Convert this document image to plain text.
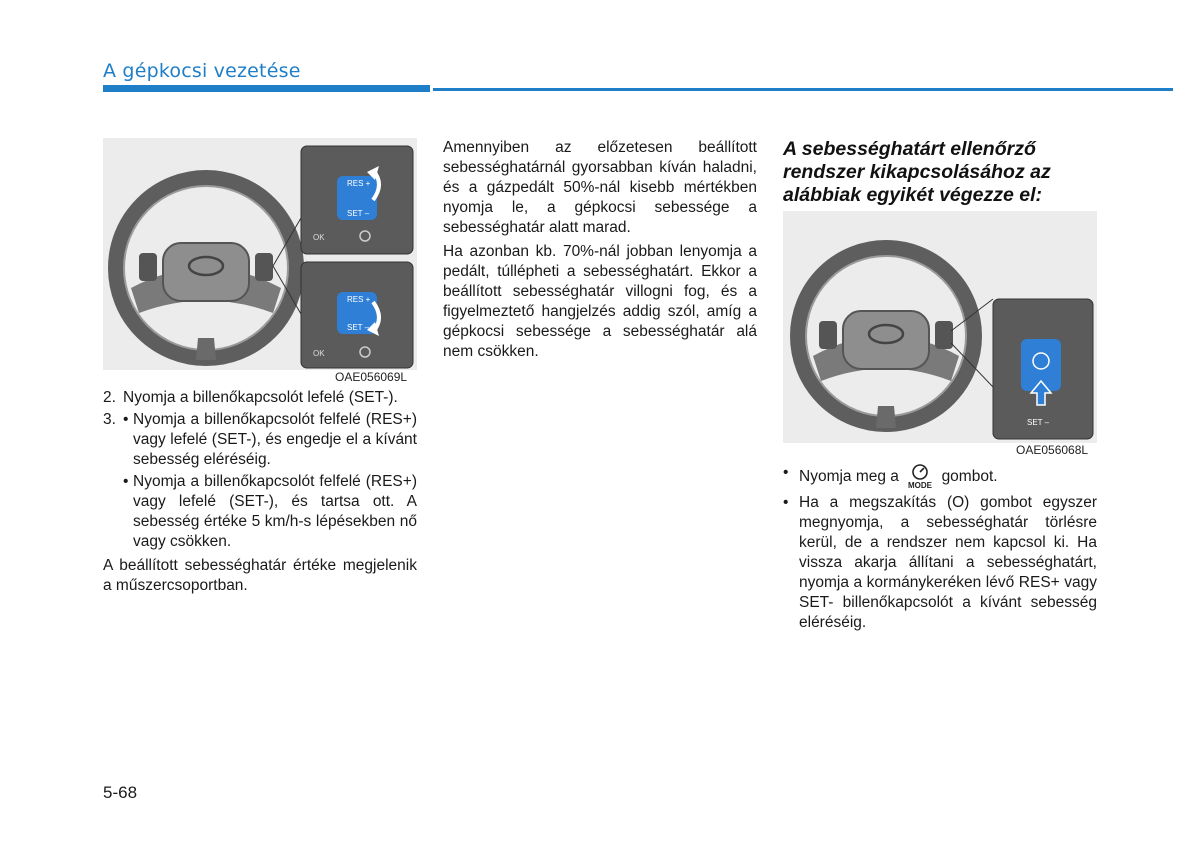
A gépkocsi vezetése
RES +
SET –
OK
RES +
SET –
OK
OAE056069L
2. Nyomja a billenőkapcsolót lefelé (SET-).
3. • Nyomja a billenőkapcsolót felfelé (RES+) vagy lefelé (SET-), és engedje el a kívánt sebesség eléréséig.
• Nyomja a billenőkapcsolót felfelé (RES+) vagy lefelé (SET-), és tartsa ott. A sebesség értéke 5 km/h-s lépésekben nő vagy csökken.

A beállított sebességhatár értéke megjelenik a műszercsoportban.

Amennyiben az előzetesen beállított sebességhatárnál gyorsabban kíván haladni, és a gázpedált 50%-nál kisebb mértékben nyomja le, a gépkocsi sebessége a sebességhatár alatt marad.

Ha azonban kb. 70%-nál jobban lenyomja a pedált, túllépheti a sebességhatárt. Ekkor a beállított sebességhatár villogni fog, és a figyelmeztető hangjelzés addig szól, amíg a gépkocsi sebessége a sebességhatár alá nem csökken.

A sebességhatárt ellenőrző rendszer kikapcsolásához az alábbiak egyikét végezze el:
SET –
OAE056068L
• Nyomja meg a
MODE
gombot.
• Ha a megszakítás (O) gombot egyszer megnyomja, a sebességhatár törlésre kerül, de a rendszer nem kapcsol ki. Ha vissza akarja állítani a sebességhatárt, nyomja a kormánykeréken lévő RES+ vagy SET- billenőkapcsolót a kívánt sebesség eléréséig.
5-68
